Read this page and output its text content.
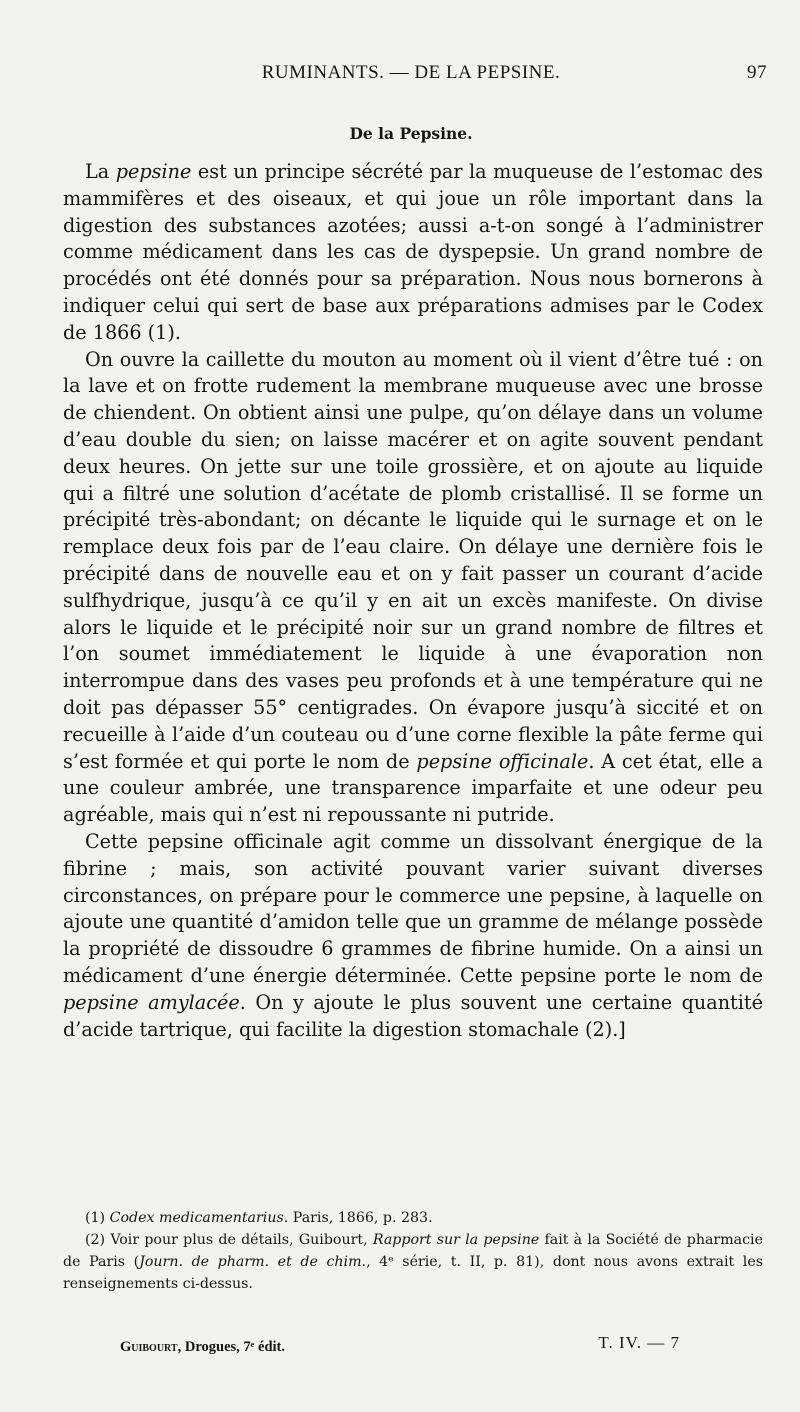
RUMINANTS. — DE LA PEPSINE.	97
De la Pepsine.

La pepsine est un principe sécrété par la muqueuse de l’estomac des mammifères et des oiseaux, et qui joue un rôle important dans la digestion des substances azotées; aussi a-t-on songé à l’administrer comme médicament dans les cas de dyspepsie. Un grand nombre de procédés ont été donnés pour sa préparation. Nous nous bornerons à indiquer celui qui sert de base aux préparations admises par le Codex de 1866 (1).

On ouvre la caillette du mouton au moment où il vient d’être tué : on la lave et on frotte rudement la membrane muqueuse avec une brosse de chiendent. On obtient ainsi une pulpe, qu’on délaye dans un volume d’eau double du sien; on laisse macérer et on agite souvent pendant deux heures. On jette sur une toile grossière, et on ajoute au liquide qui a filtré une solution d’acétate de plomb cristallisé. Il se forme un précipité très-abondant; on décante le liquide qui le surnage et on le remplace deux fois par de l’eau claire. On délaye une dernière fois le précipité dans de nouvelle eau et on y fait passer un courant d’acide sulfhydrique, jusqu’à ce qu’il y en ait un excès manifeste. On divise alors le liquide et le précipité noir sur un grand nombre de filtres et l’on soumet immédiatement le liquide à une évaporation non interrompue dans des vases peu profonds et à une température qui ne doit pas dépasser 55° centigrades. On évapore jusqu’à siccité et on recueille à l’aide d’un couteau ou d’une corne flexible la pâte ferme qui s’est formée et qui porte le nom de pepsine officinale. A cet état, elle a une couleur ambrée, une transparence imparfaite et une odeur peu agréable, mais qui n’est ni repoussante ni putride.

Cette pepsine officinale agit comme un dissolvant énergique de la fibrine ; mais, son activité pouvant varier suivant diverses circonstances, on prépare pour le commerce une pepsine, à laquelle on ajoute une quantité d’amidon telle que un gramme de mélange possède la propriété de dissoudre 6 grammes de fibrine humide. On a ainsi un médicament d’une énergie déterminée. Cette pepsine porte le nom de pepsine amylacée. On y ajoute le plus souvent une certaine quantité d’acide tartrique, qui facilite la digestion stomachale (2).]

(1) Codex medicamentarius. Paris, 1866, p. 283.

(2) Voir pour plus de détails, Guibourt, Rapport sur la pepsine fait à la Société de pharmacie de Paris (Journ. de pharm. et de chim., 4ᵉ série, t. II, p. 81), dont nous avons extrait les renseignements ci-dessus.

Guibourt, Drogues, 7ᵉ édit.	T. IV. — 7
